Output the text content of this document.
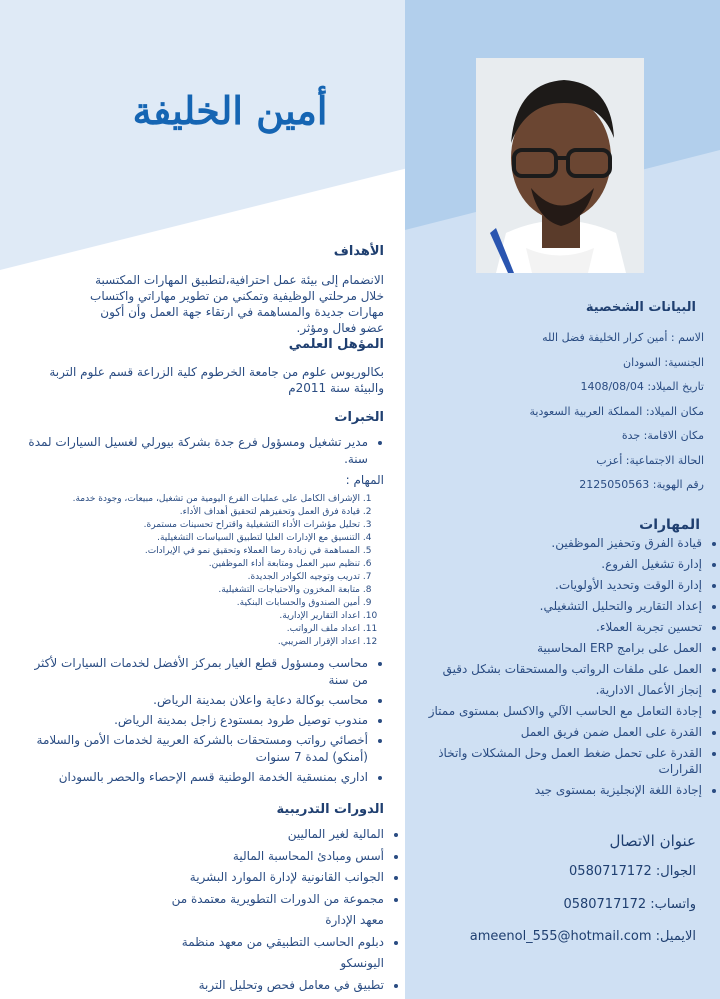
أمين الخليفة
الأهداف
الانضمام إلى بيئة عمل احترافية،لتطبيق المهارات المكتسبة خلال مرحلتي الوظيفية وتمكني من تطوير مهاراتي واكتساب مهارات جديدة والمساهمة في ارتقاء جهة العمل وأن أكون عضو فعال ومؤثر.
المؤهل العلمي
بكالوريوس علوم من جامعة الخرطوم كلية الزراعة قسم علوم التربة والبيئة سنة 2011م
الخبرات
• مدير تشغيل ومسؤول فرع جدة بشركة بيورلي لغسيل السيارات لمدة سنة.
المهام :
1. الإشراف الكامل على عمليات الفرع اليومية من تشغيل، مبيعات، وجودة خدمة.
2. قيادة فرق العمل وتحفيزهم لتحقيق أهداف الأداء.
3. تحليل مؤشرات الأداء التشغيلية واقتراح تحسينات مستمرة.
4. التنسيق مع الإدارات العليا لتطبيق السياسات التشغيلية.
5. المساهمة في زيادة رضا العملاء وتحقيق نمو في الإيرادات.
6. تنظيم سير العمل ومتابعة أداء الموظفين.
7. تدريب وتوجيه الكوادر الجديدة.
8. متابعة المخزون والاحتياجات التشغيلية.
9. أمين الصندوق والحسابات البنكية.
10. اعداد التقارير الإدارية.
11. اعداد ملف الرواتب.
12. اعداد الإقرار الضريبي.
• محاسب ومسؤول قطع الغيار بمركز الأفضل لخدمات السيارات لأكثر من سنة
• محاسب بوكالة دعاية واعلان بمدينة الرياض.
• مندوب توصيل طرود بمستودع زاجل بمدينة الرياض.
• أخصائي رواتب ومستحقات بالشركة العربية لخدمات الأمن والسلامة (أمنكو) لمدة 7 سنوات
• اداري بمنسقية الخدمة الوطنية قسم الإحصاء والحصر بالسودان
الدورات التدريبية
• المالية لغير الماليين
• أسس ومبادئ المحاسبة المالية
• الجوانب القانونية لإدارة الموارد البشرية
• مجموعة من الدورات التطويرية معتمدة من معهد الإدارة
• دبلوم الحاسب التطبيقي من معهد منظمة اليونسكو
• تطبيق في معامل فحص وتحليل التربة
البيانات الشخصية
الاسم : أمين كرار الخليفة فضل الله
الجنسية: السودان
تاريخ الميلاد: 1408/08/04
مكان الميلاد: المملكة العربية السعودية
مكان الاقامة: جدة
الحالة الاجتماعية: أعزب
رقم الهوية: 2125050563
المهارات
• قيادة الفرق وتحفيز الموظفين.
• إدارة تشغيل الفروع.
• إدارة الوقت وتحديد الأولويات.
• إعداد التقارير والتحليل التشغيلي.
• تحسين تجربة العملاء.
• العمل على برامج ERP المحاسبية
• العمل على ملفات الرواتب والمستحقات بشكل دقيق
• إنجاز الأعمال الادارية.
• إجادة التعامل مع الحاسب الآلي والاكسل بمستوى ممتاز
• القدرة على العمل ضمن فريق العمل
• القدرة على تحمل ضغط العمل وحل المشكلات واتخاذ القرارات
• إجادة اللغة الإنجليزية بمستوى جيد
عنوان الاتصال
الجوال: 0580717172
واتساب: 0580717172
الايميل: ameenol_555@hotmail.com
